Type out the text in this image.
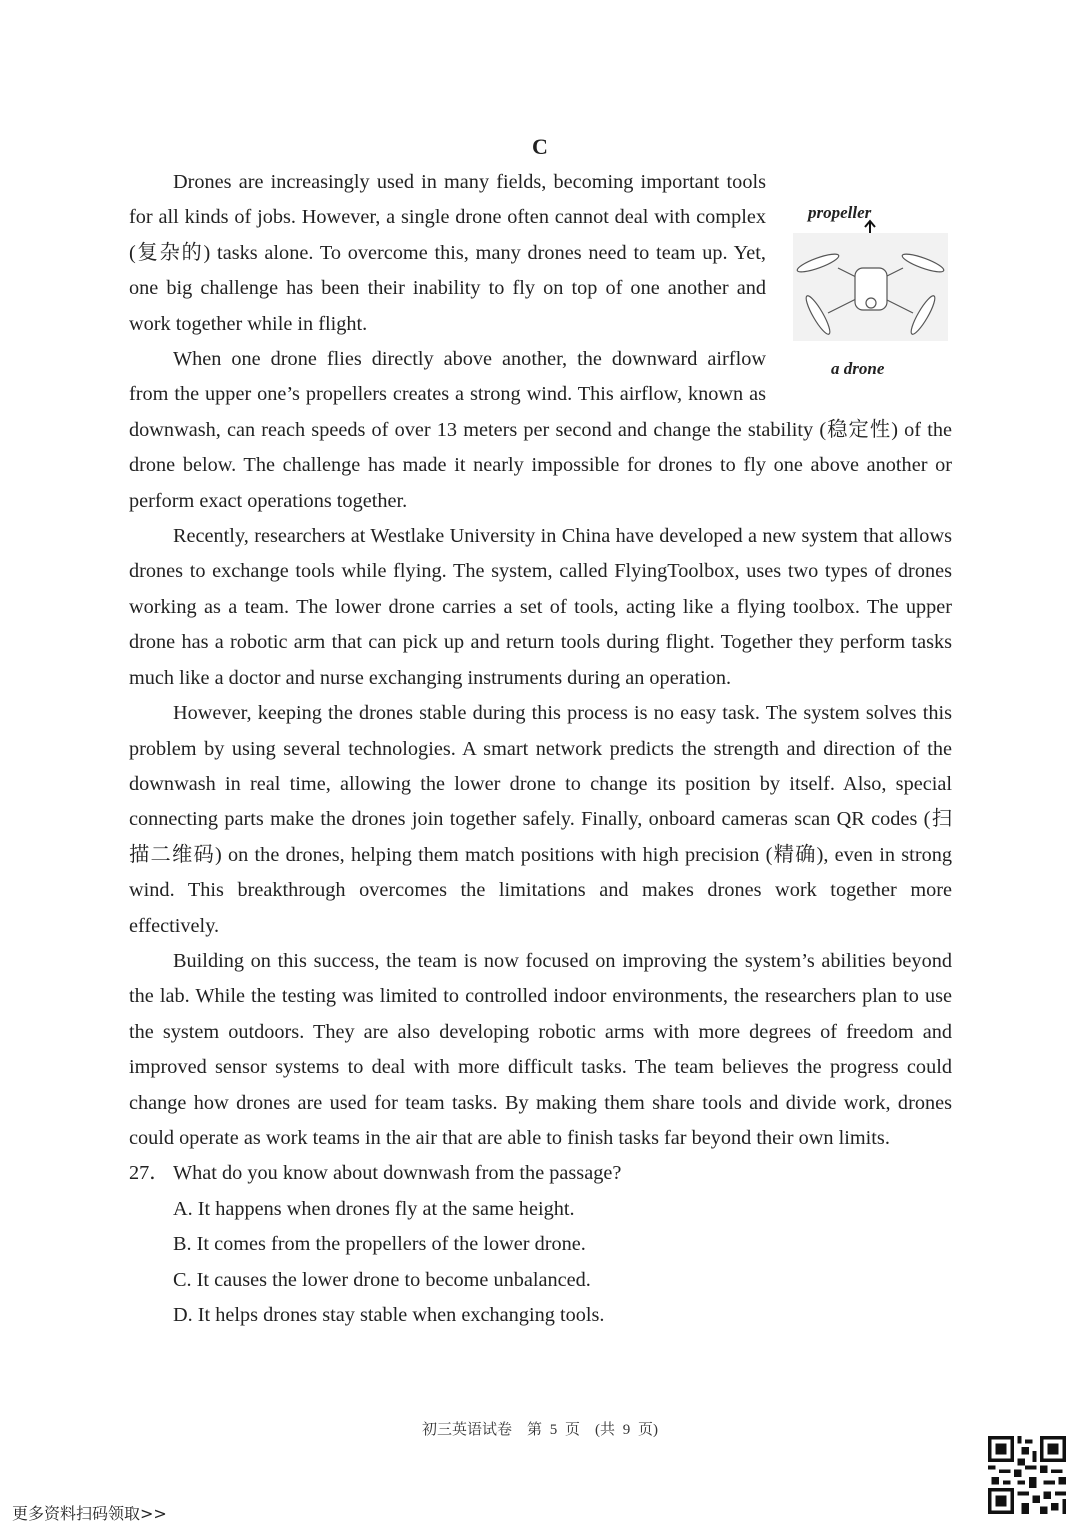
C
propeller
a drone

Drones are increasingly used in many fields, becoming important tools for all kinds of jobs. However, a single drone often cannot deal with complex (复杂的) tasks alone. To overcome this, many drones need to team up. Yet, one big challenge has been their inability to fly on top of one another and work together while in flight.

When one drone flies directly above another, the downward airflow from the upper one’s propellers creates a strong wind. This airflow, known as downwash, can reach speeds of over 13 meters per second and change the stability (稳定性) of the drone below. The challenge has made it nearly impossible for drones to fly one above another or perform exact operations together.

Recently, researchers at Westlake University in China have developed a new system that allows drones to exchange tools while flying. The system, called FlyingToolbox, uses two types of drones working as a team. The lower drone carries a set of tools, acting like a flying toolbox. The upper drone has a robotic arm that can pick up and return tools during flight. Together they perform tasks much like a doctor and nurse exchanging instruments during an operation.

However, keeping the drones stable during this process is no easy task. The system solves this problem by using several technologies. A smart network predicts the strength and direction of the downwash in real time, allowing the lower drone to change its position by itself. Also, special connecting parts make the drones join together safely. Finally, onboard cameras scan QR codes (扫描二维码) on the drones, helping them match positions with high precision (精确), even in strong wind. This breakthrough overcomes the limitations and makes drones work together more effectively.

Building on this success, the team is now focused on improving the system’s abilities beyond the lab. While the testing was limited to controlled indoor environments, the researchers plan to use the system outdoors. They are also developing robotic arms with more degrees of freedom and improved sensor systems to deal with more difficult tasks. The team believes the progress could change how drones are used for team tasks. By making them share tools and divide work, drones could operate as work teams in the air that are able to finish tasks far beyond their own limits.

27． What do you know about downwash from the passage?
A. It happens when drones fly at the same height.
B. It comes from the propellers of the lower drone.
C. It causes the lower drone to become unbalanced.
D. It helps drones stay stable when exchanging tools.
初三英语试卷　第 5 页　(共 9 页)
更多资料扫码领取>>
